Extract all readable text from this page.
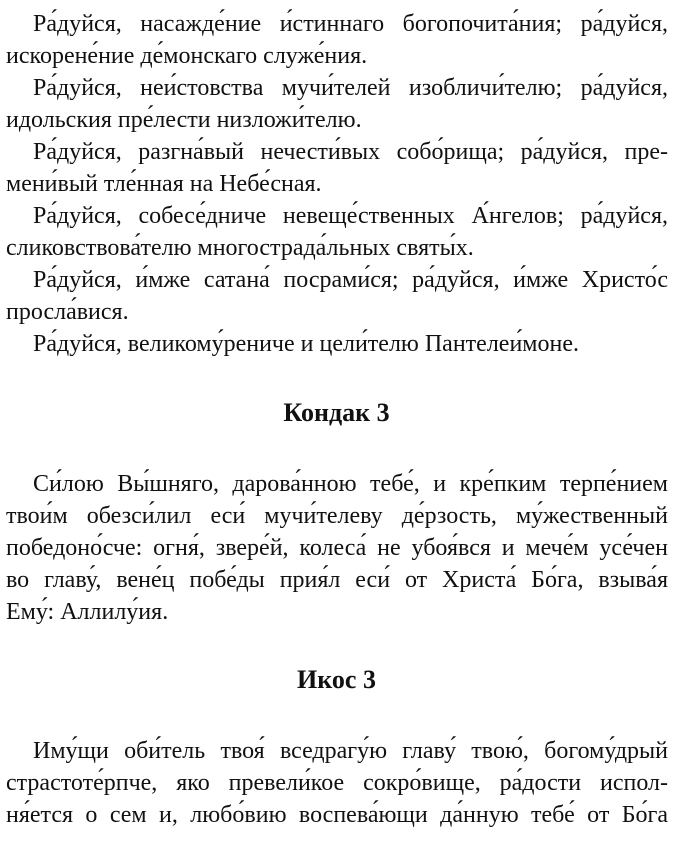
Ра́дуйся, насажде́ние и́стиннаго богопочита́ния; ра́дуйся,
искорене́ние де́монскаго служе́ния.
Ра́дуйся, неи́стовства мучи́телей изобличи́телю; ра́дуйся,
идольския пре́лести низложи́телю.
Ра́дуйся, разгна́вый нечести́вых собо́рища; ра́дуйся, пре-
мени́вый тле́нная на Небе́сная.
Ра́дуйся, собесе́дниче невеще́ственных А́нгелов; ра́дуйся,
сликовствова́телю многострада́льных святы́х.
Ра́дуйся, и́мже сатана́ посрами́ся; ра́дуйся, и́мже Христо́с
просла́вися.
Ра́дуйся, великому́рениче и цели́телю Пантелеи́моне.
Кондак 3
Си́лою Вы́шняго, дарова́нною тебе́, и кре́пким терпе́нием
твои́м обезси́лил еси́ мучи́телеву де́рзость, му́жественный
победоно́сче: огня́, звере́й, колеса́ не убоя́вся и мече́м усе́чен
во главу́, вене́ц побе́ды прия́л еси́ от Христа́ Бо́га, взыва́я
Ему́: Аллилу́ия.
Икос 3
Иму́щи оби́тель твоя́ вседрагу́ю главу́ твою́, богому́дрый
страстоте́рпче, яко превели́кое сокро́вище, ра́дости испол-
ня́ется о сем и, любо́вию воспева́ющи да́нную тебе́ от Бо́га
